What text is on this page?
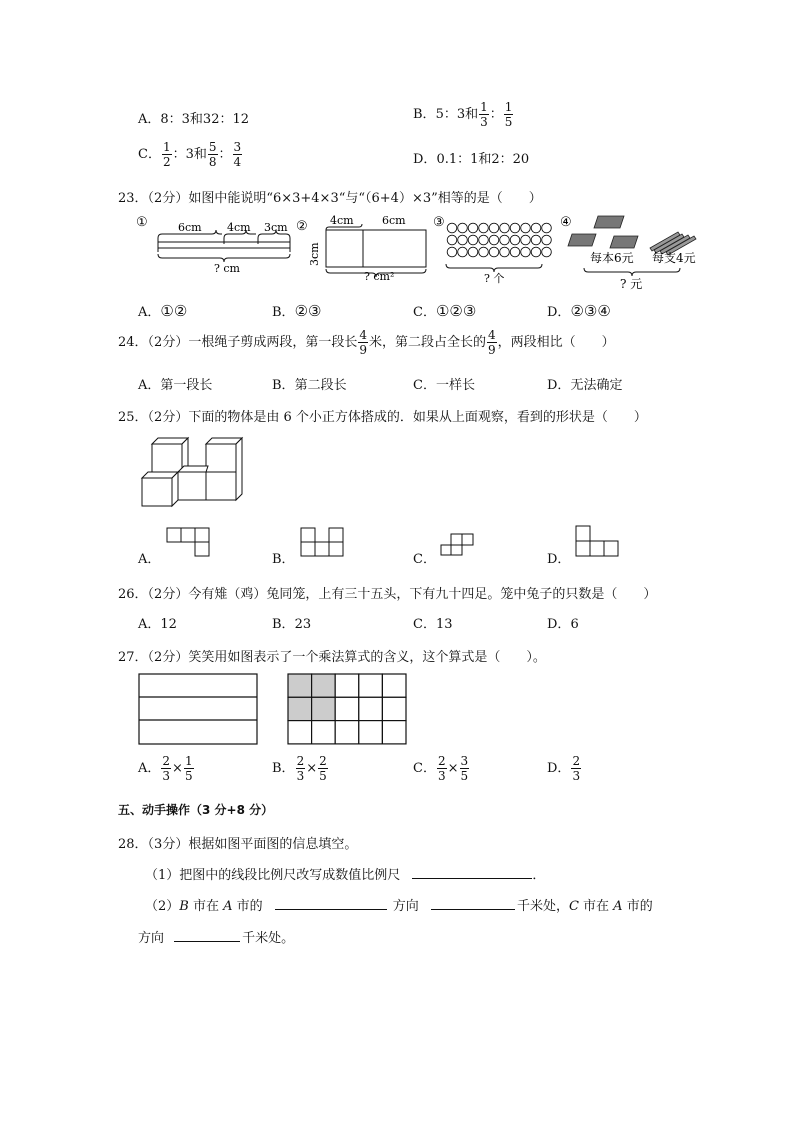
A．8：3和32：12	B．5：3和 $\frac{1}{3}$ ： $\frac{1}{5}$
C． $\frac{1}{2}$ ：3和 $\frac{5}{8}$ ： $\frac{3}{4}$	D．0.1：1和2：20
23．（2分）如图中能说明“6×3+4×3“与“（6+4）×3”相等的是（　　）
①	6cm 4cm 3cm
? cm
② 4cm	6cm
3cm
? cm²
③
? 个
④
每本6元 每支4元
? 元
A．①②	B．②③	C．①②③	D．②③④
24．（2分）一根绳子剪成两段，第一段长 $\frac{4}{9}$ 米，第二段占全长的 $\frac{4}{9}$ ，两段相比（　　）
A．第一段长	B．第二段长	C．一样长	D．无法确定
25．（2分）下面的物体是由 6 个小正方体搭成的．如果从上面观察，看到的形状是（　　）
A．	B．	C．	D．
26．（2分）今有雉（鸡）兔同笼，上有三十五头，下有九十四足。笼中兔子的只数是（　　）
A．12	B．23	C．13	D．6
27．（2分）笑笑用如图表示了一个乘法算式的含义，这个算式是（　　）。
A． $\frac{2}{3} \times \frac{1}{5}$	B． $\frac{2}{3} \times \frac{2}{5}$	C． $\frac{2}{3} \times \frac{3}{5}$	D． $\frac{2}{3}$
五、动手操作（3 分+8 分）
28．（3分）根据如图平面图的信息填空。
（1）把图中的线段比例尺改写成数值比例尺	．
（2）B 市在 A 市的	方向	千米处，C 市在 A 市的
方向	千米处。
